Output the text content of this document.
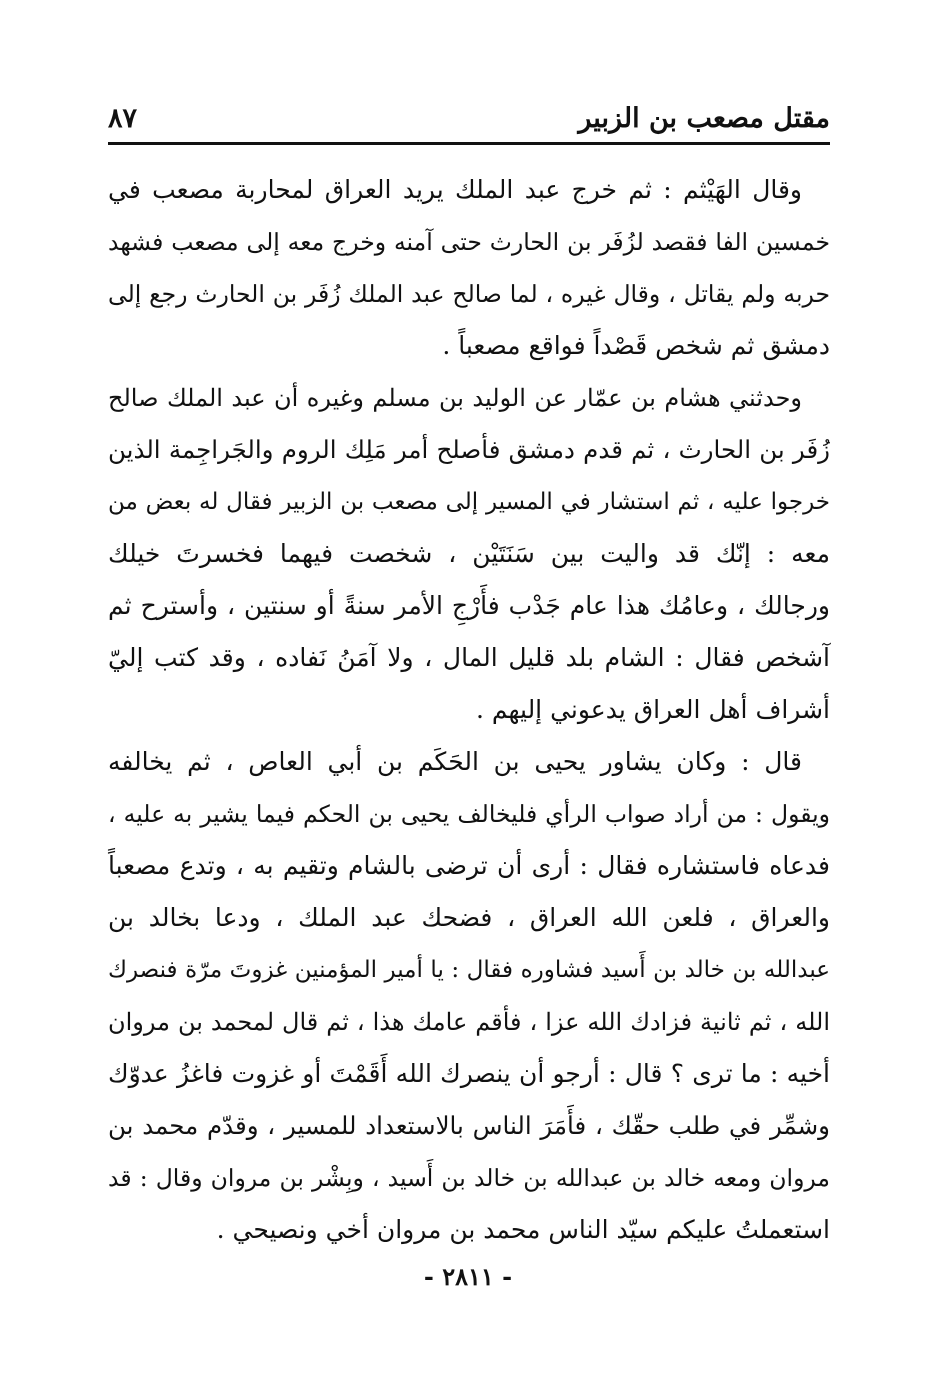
مقتل مصعب بن الزبير
٨٧
وقال الهَيْثم : ثم خرج عبد الملك يريد العراق لمحاربة مصعب في
خمسين الفا فقصد لزُفَر بن الحارث حتى آمنه وخرج معه إلى مصعب فشهد
حربه ولم يقاتل ، وقال غيره ، لما صالح عبد الملك زُفَر بن الحارث رجع إلى
دمشق ثم شخص قَصْداً فواقع مصعباً .
وحدثني هشام بن عمّار عن الوليد بن مسلم وغيره أن عبد الملك صالح
زُفَر بن الحارث ، ثم قدم دمشق فأصلح أمر مَلِك الروم والجَراجِمة الذين
خرجوا عليه ، ثم استشار في المسير إلى مصعب بن الزبير فقال له بعض من
معه : إنّك قد واليت بين سَنَتَيْن ، شخصت فيهما فخسرتَ خيلك
ورجالك ، وعامُك هذا عام جَدْب فأَرْجِ الأمر سنةً أو سنتين ، وأسترح ثم
آشخص فقال : الشام بلد قليل المال ، ولا آمَنُ نَفاده ، وقد كتب إليّ
أشراف أهل العراق يدعوني إليهم .
قال : وكان يشاور يحيى بن الحَكَم بن أبي العاص ، ثم يخالفه
ويقول : من أراد صواب الرأي فليخالف يحيى بن الحكم فيما يشير به عليه ،
فدعاه فاستشاره فقال : أرى أن ترضى بالشام وتقيم به ، وتدع مصعباً
والعراق ، فلعن الله العراق ، فضحك عبد الملك ، ودعا بخالد بن
عبدالله بن خالد بن أَسيد فشاوره فقال : يا أمير المؤمنين غزوتَ مرّة فنصرك
الله ، ثم ثانية فزادك الله عزا ، فأقم عامك هذا ، ثم قال لمحمد بن مروان
أخيه : ما ترى ؟ قال : أرجو أن ينصرك الله أَقَمْتَ أو غزوت فاغزُ عدوّك
وشمِّر في طلب حقّك ، فأَمَرَ الناس بالاستعداد للمسير ، وقدّم محمد بن
مروان ومعه خالد بن عبدالله بن خالد بن أَسيد ، وبِشْر بن مروان وقال : قد
استعملتُ عليكم سيّد الناس محمد بن مروان أخي ونصيحي .
- ٢٨١١ -
